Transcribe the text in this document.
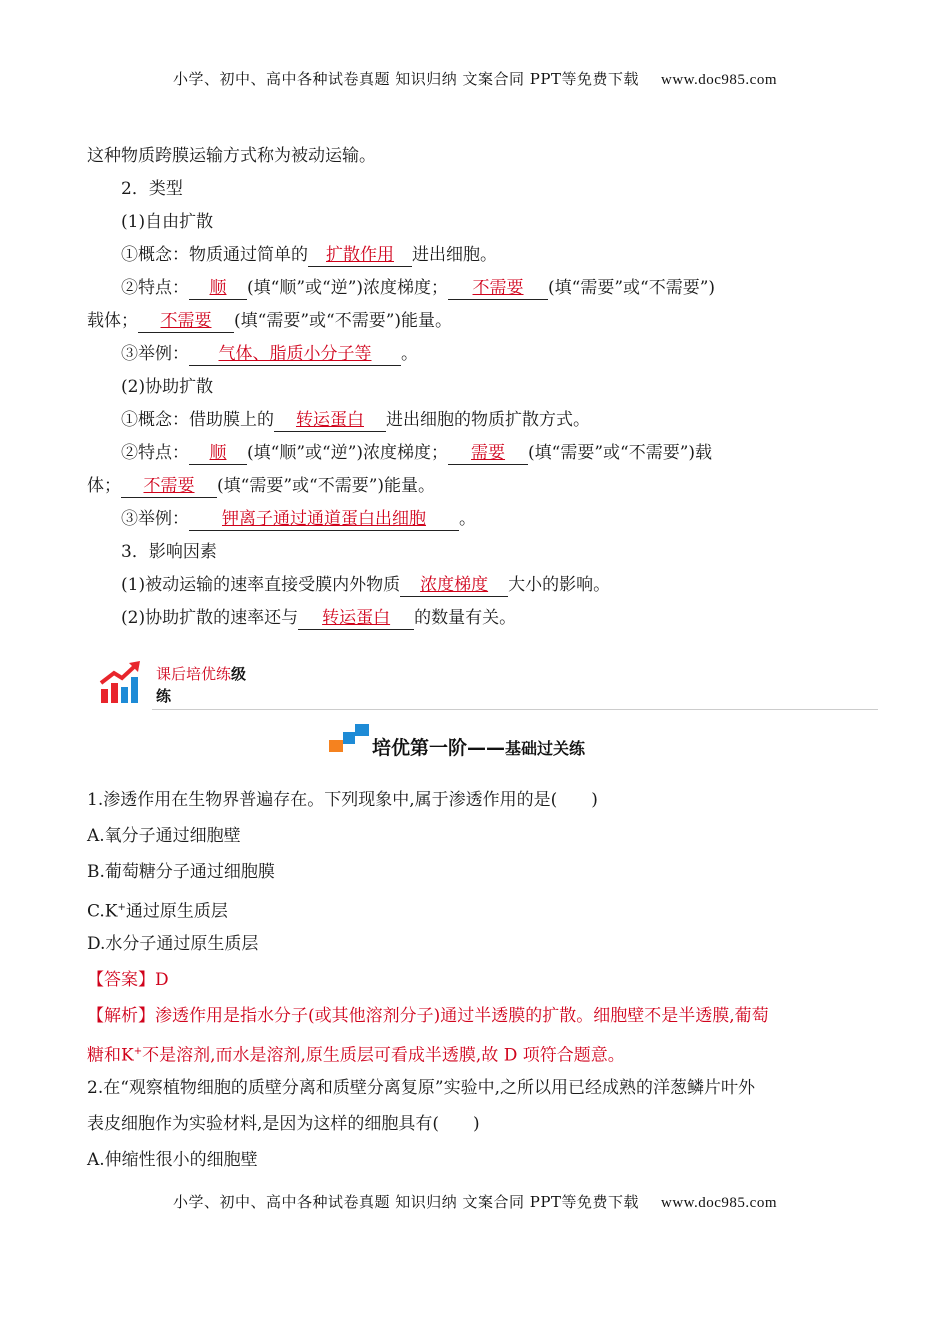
小学、初中、高中各种试卷真题 知识归纳 文案合同 PPT等免费下载 www.doc985.com
这种物质跨膜运输方式称为被动运输。
2．类型
(1)自由扩散
①概念：物质通过简单的 扩散作用 进出细胞。
②特点： 顺 (填“顺”或“逆”)浓度梯度； 不需要 (填“需要”或“不需要”)
载体； 不需要 (填“需要”或“不需要”)能量。
③举例： 气体、脂质小分子等 。
(2)协助扩散
①概念：借助膜上的 转运蛋白 进出细胞的物质扩散方式。
②特点： 顺 (填“顺”或“逆”)浓度梯度； 需要 (填“需要”或“不需要”)载
体； 不需要 (填“需要”或“不需要”)能量。
③举例： 钾离子通过通道蛋白出细胞 。
3．影响因素
(1)被动运输的速率直接受膜内外物质 浓度梯度 大小的影响。
(2)协助扩散的速率还与 转运蛋白 的数量有关。
课后培优练级
练
培优第一阶——基础过关练
1.渗透作用在生物界普遍存在。下列现象中,属于渗透作用的是(　　)
A.氧分子通过细胞壁
B.葡萄糖分子通过细胞膜
C.K+通过原生质层
D.水分子通过原生质层
【答案】D
【解析】渗透作用是指水分子(或其他溶剂分子)通过半透膜的扩散。细胞壁不是半透膜,葡萄
糖和K+不是溶剂,而水是溶剂,原生质层可看成半透膜,故 D 项符合题意。
2.在“观察植物细胞的质壁分离和质壁分离复原”实验中,之所以用已经成熟的洋葱鳞片叶外
表皮细胞作为实验材料,是因为这样的细胞具有(　　)
A.伸缩性很小的细胞壁
小学、初中、高中各种试卷真题 知识归纳 文案合同 PPT等免费下载 www.doc985.com
